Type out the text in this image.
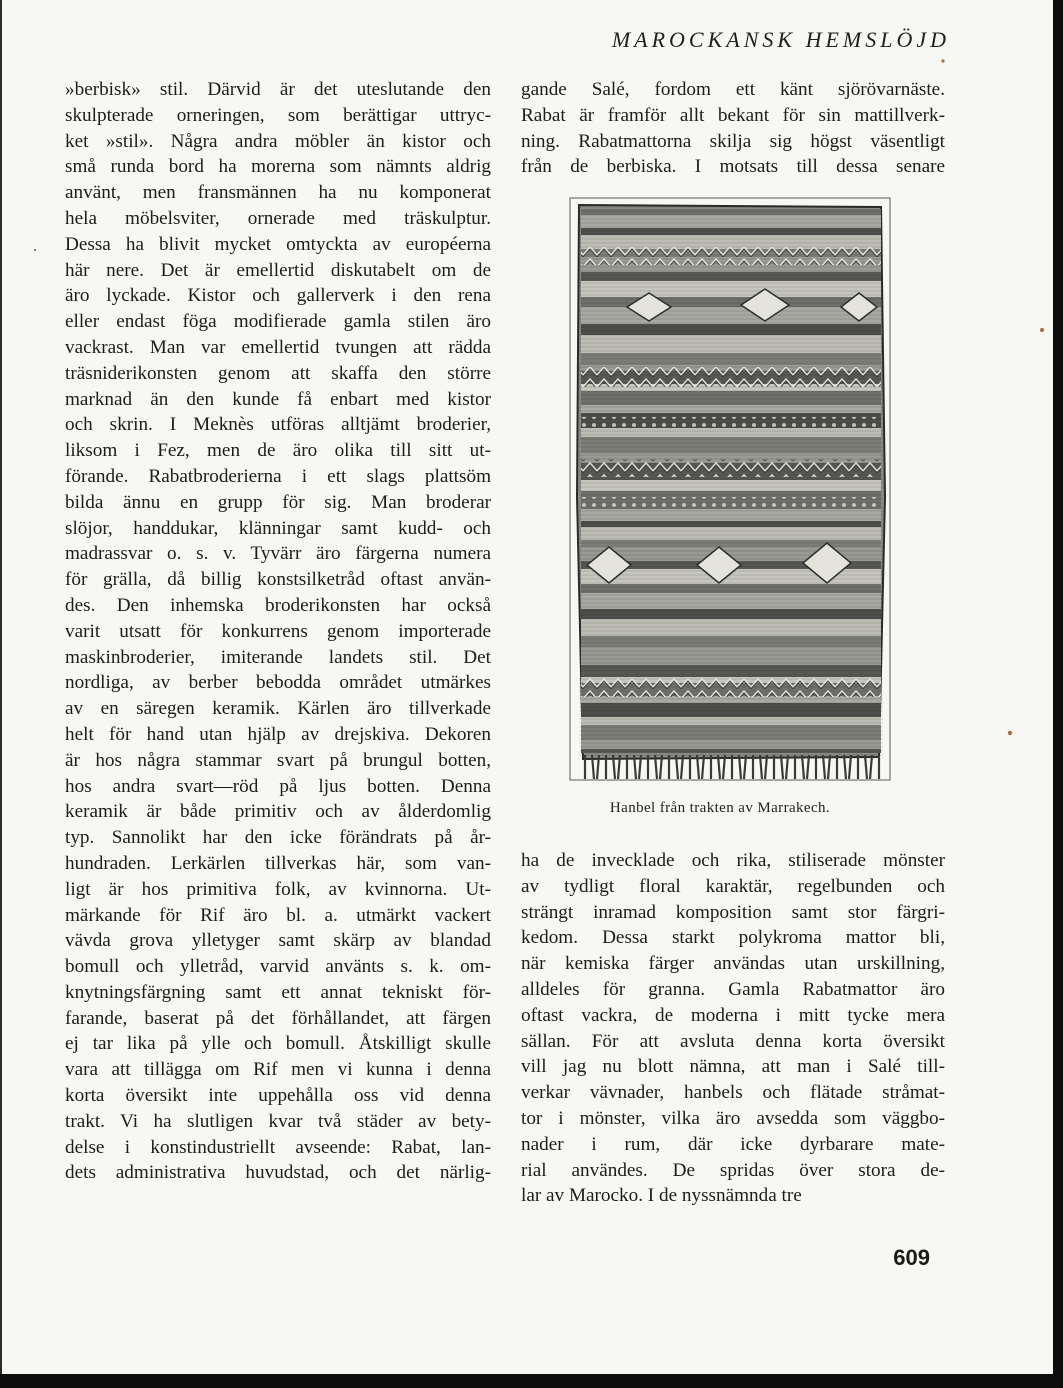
MAROCKANSK HEMSLÖJD
»berbisk» stil. Därvid är det uteslutande den
skulpterade orneringen, som berättigar uttryc-
ket »stil». Några andra möbler än kistor och
små runda bord ha morerna som nämnts aldrig
använt, men fransmännen ha nu komponerat
hela möbelsviter, ornerade med träskulptur.
Dessa ha blivit mycket omtyckta av européerna
här nere. Det är emellertid diskutabelt om de
äro lyckade. Kistor och gallerverk i den rena
eller endast föga modifierade gamla stilen äro
vackrast. Man var emellertid tvungen att rädda
träsniderikonsten genom att skaffa den större
marknad än den kunde få enbart med kistor
och skrin. I Meknès utföras alltjämt broderier,
liksom i Fez, men de äro olika till sitt ut-
förande. Rabatbroderierna i ett slags plattsöm
bilda ännu en grupp för sig. Man broderar
slöjor, handdukar, klänningar samt kudd- och
madrassvar o. s. v. Tyvärr äro färgerna numera
för grälla, då billig konstsilketråd oftast använ-
des. Den inhemska broderikonsten har också
varit utsatt för konkurrens genom importerade
maskinbroderier, imiterande landets stil. Det
nordliga, av berber bebodda området utmärkes
av en säregen keramik. Kärlen äro tillverkade
helt för hand utan hjälp av drejskiva. Dekoren
är hos några stammar svart på brungul botten,
hos andra svart—röd på ljus botten. Denna
keramik är både primitiv och av ålderdomlig
typ. Sannolikt har den icke förändrats på år-
hundraden. Lerkärlen tillverkas här, som van-
ligt är hos primitiva folk, av kvinnorna. Ut-
märkande för Rif äro bl. a. utmärkt vackert
vävda grova ylletyger samt skärp av blandad
bomull och ylletråd, varvid använts s. k. om-
knytningsfärgning samt ett annat tekniskt för-
farande, baserat på det förhållandet, att färgen
ej tar lika på ylle och bomull. Åtskilligt skulle
vara att tillägga om Rif men vi kunna i denna
korta översikt inte uppehålla oss vid denna
trakt. Vi ha slutligen kvar två städer av bety-
delse i konstindustriellt avseende: Rabat, lan-
dets administrativa huvudstad, och det närlig-
gande Salé, fordom ett känt sjörövarnäste.
Rabat är framför allt bekant för sin mattillverk-
ning. Rabatmattorna skilja sig högst väsentligt
från de berbiska. I motsats till dessa senare
Hanbel från trakten av Marrakech.
ha de invecklade och rika, stiliserade mönster
av tydligt floral karaktär, regelbunden och
strängt inramad komposition samt stor färgri-
kedom. Dessa starkt polykroma mattor bli,
när kemiska färger användas utan urskillning,
alldeles för granna. Gamla Rabatmattor äro
oftast vackra, de moderna i mitt tycke mera
sällan. För att avsluta denna korta översikt
vill jag nu blott nämna, att man i Salé till-
verkar vävnader, hanbels och flätade stråmat-
tor i mönster, vilka äro avsedda som väggbo-
nader i rum, där icke dyrbarare mate-
rial användes. De spridas över stora de-
lar av Marocko. I de nyssnämnda tre
609
